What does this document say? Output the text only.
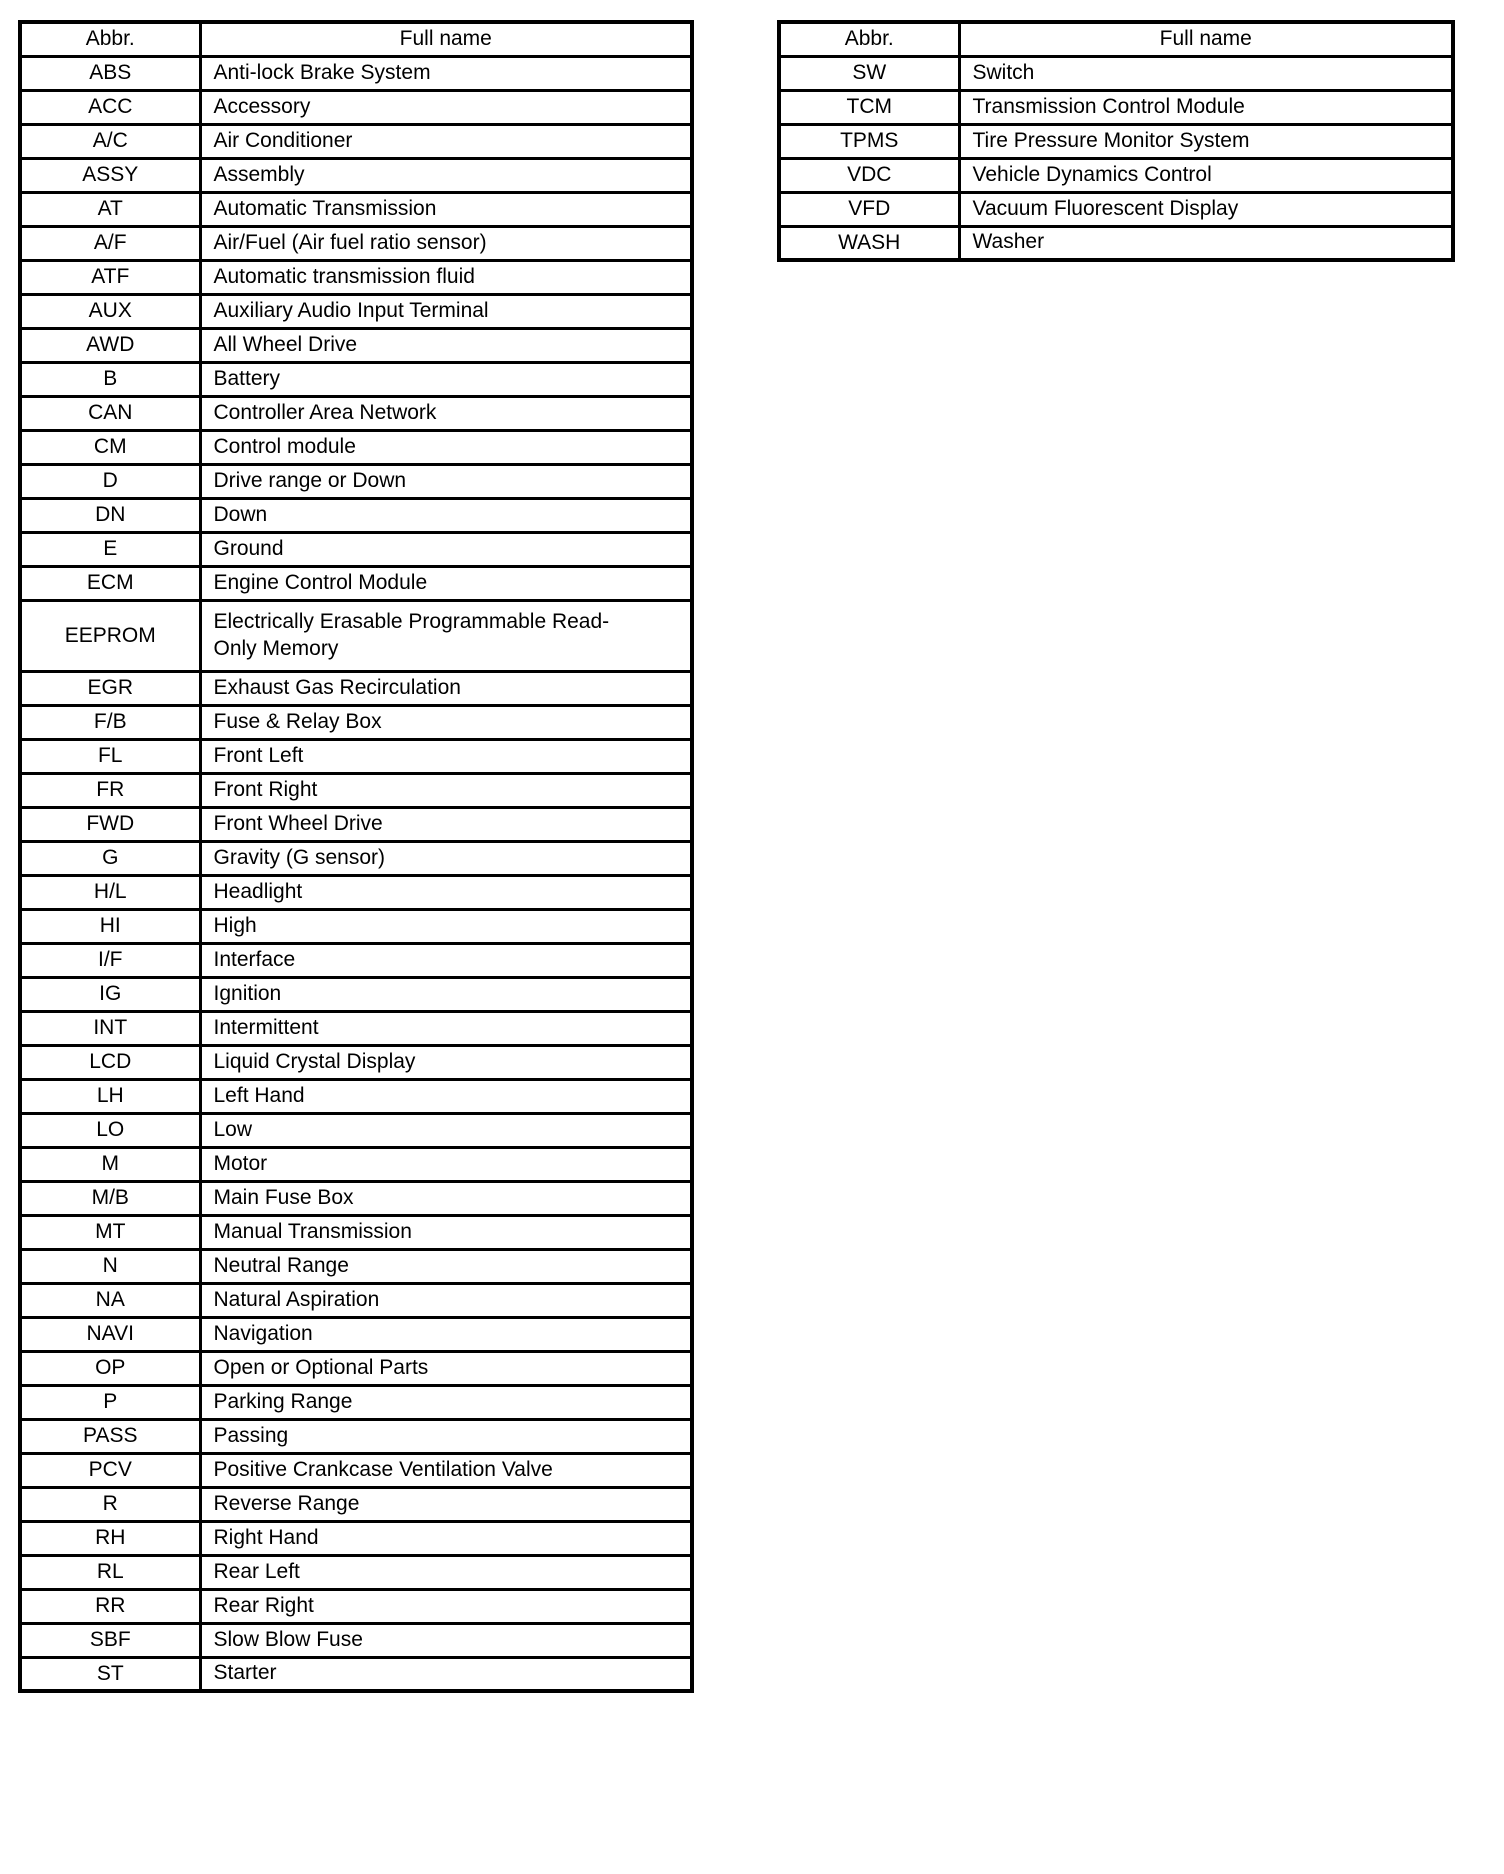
Abbr.	Full name
ABS	Anti-lock Brake System
ACC	Accessory
A/C	Air Conditioner
ASSY	Assembly
AT	Automatic Transmission
A/F	Air/Fuel (Air fuel ratio sensor)
ATF	Automatic transmission fluid
AUX	Auxiliary Audio Input Terminal
AWD	All Wheel Drive
B	Battery
CAN	Controller Area Network
CM	Control module
D	Drive range or Down
DN	Down
E	Ground
ECM	Engine Control Module
EEPROM	Electrically Erasable Programmable Read-
Only Memory
EGR	Exhaust Gas Recirculation
F/B	Fuse & Relay Box
FL	Front Left
FR	Front Right
FWD	Front Wheel Drive
G	Gravity (G sensor)
H/L	Headlight
HI	High
I/F	Interface
IG	Ignition
INT	Intermittent
LCD	Liquid Crystal Display
LH	Left Hand
LO	Low
M	Motor
M/B	Main Fuse Box
MT	Manual Transmission
N	Neutral Range
NA	Natural Aspiration
NAVI	Navigation
OP	Open or Optional Parts
P	Parking Range
PASS	Passing
PCV	Positive Crankcase Ventilation Valve
R	Reverse Range
RH	Right Hand
RL	Rear Left
RR	Rear Right
SBF	Slow Blow Fuse
ST	Starter
Abbr.	Full name
SW	Switch
TCM	Transmission Control Module
TPMS	Tire Pressure Monitor System
VDC	Vehicle Dynamics Control
VFD	Vacuum Fluorescent Display
WASH	Washer
